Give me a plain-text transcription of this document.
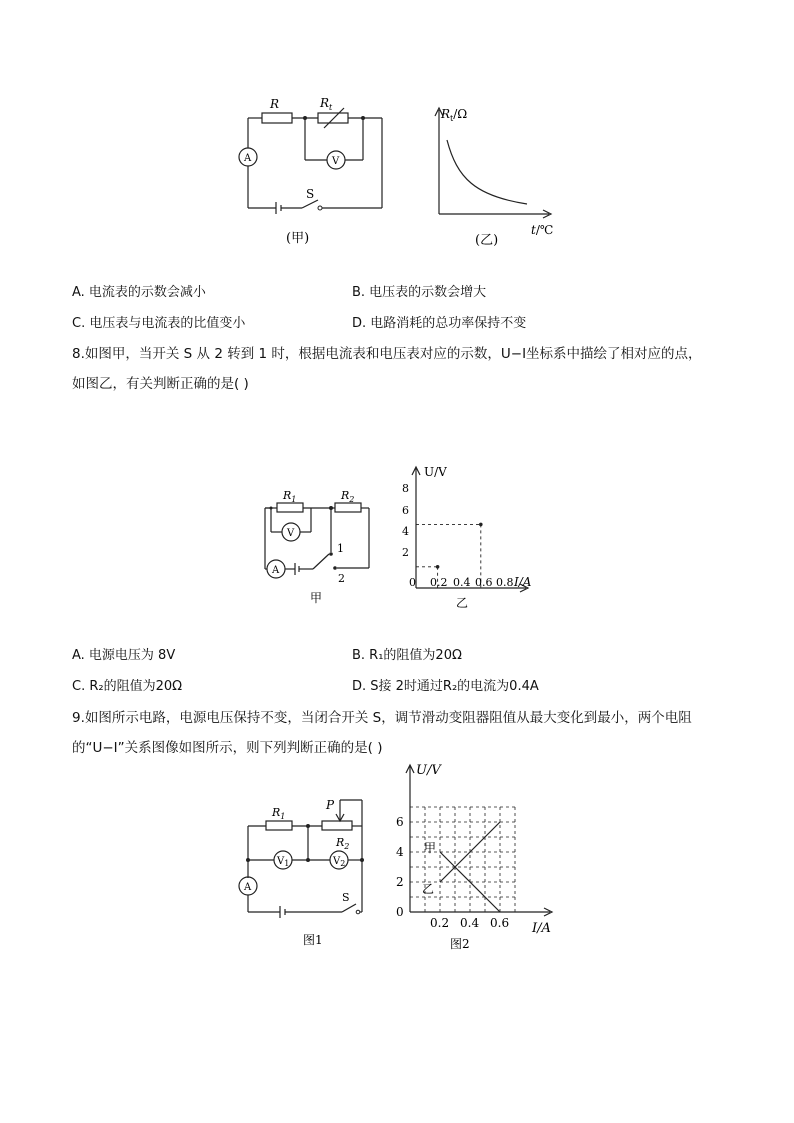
R	$R_t$
A	V
S
(甲)
$R_t/\Omega$
t/℃
(乙)
A. 电流表的示数会减小	B. 电压表的示数会增大
C. 电压表与电流表的比值变小	D. 电路消耗的总功率保持不变
8.如图甲，当开关 S 从 2 转到 1 时，根据电流表和电压表对应的示数，U−I坐标系中描绘了相对应的点，
如图乙，有关判断正确的是( )
$R_1$	$R_2$
V
A
1
2
甲
U/V
I/A
8
6
4
2
0 0.2 0.4 0.6 0.8
乙
A. 电源电压为 8V	B. R₁的阻值为20Ω
C. R₂的阻值为20Ω	D. S接 2时通过R₂的电流为0.4A
9.如图所示电路，电源电压保持不变，当闭合开关 S，调节滑动变阻器阻值从最大变化到最小，两个电阻
的“U−I”关系图像如图所示，则下列判断正确的是( )
$R_1$
P
$R_2$
$V_1$	$V_2$
A
S
图1
U/V
I/A
6
4
2
0
0.2 0.4 0.6
甲
乙
图2
